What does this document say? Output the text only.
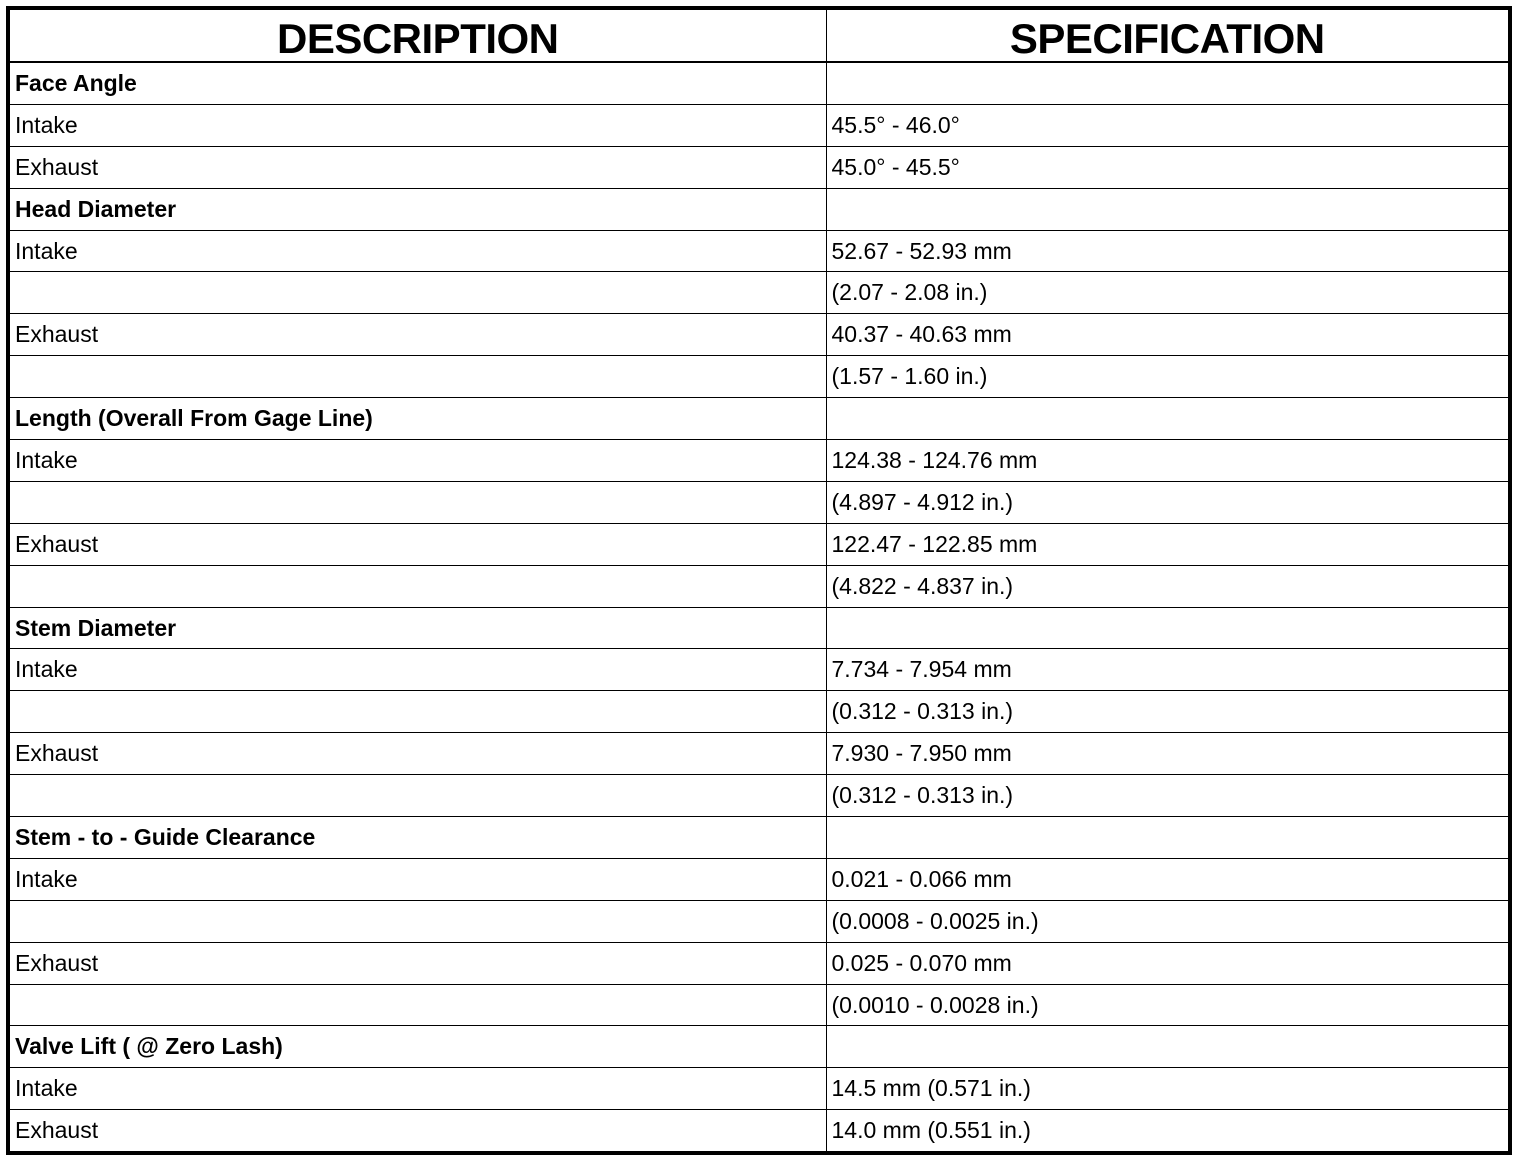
DESCRIPTION	SPECIFICATION
Face Angle	
Intake	45.5° - 46.0°
Exhaust	45.0° - 45.5°
Head Diameter	
Intake	52.67 - 52.93 mm
	(2.07 - 2.08 in.)
Exhaust	40.37 - 40.63 mm
	(1.57 - 1.60 in.)
Length (Overall From Gage Line)	
Intake	124.38 - 124.76 mm
	(4.897 - 4.912 in.)
Exhaust	122.47 - 122.85 mm
	(4.822 - 4.837 in.)
Stem Diameter	
Intake	7.734 - 7.954 mm
	(0.312 - 0.313 in.)
Exhaust	7.930 - 7.950 mm
	(0.312 - 0.313 in.)
Stem - to - Guide Clearance	
Intake	0.021 - 0.066 mm
	(0.0008 - 0.0025 in.)
Exhaust	0.025 - 0.070 mm
	(0.0010 - 0.0028 in.)
Valve Lift ( @ Zero Lash)	
Intake	14.5 mm (0.571 in.)
Exhaust	14.0 mm (0.551 in.)
